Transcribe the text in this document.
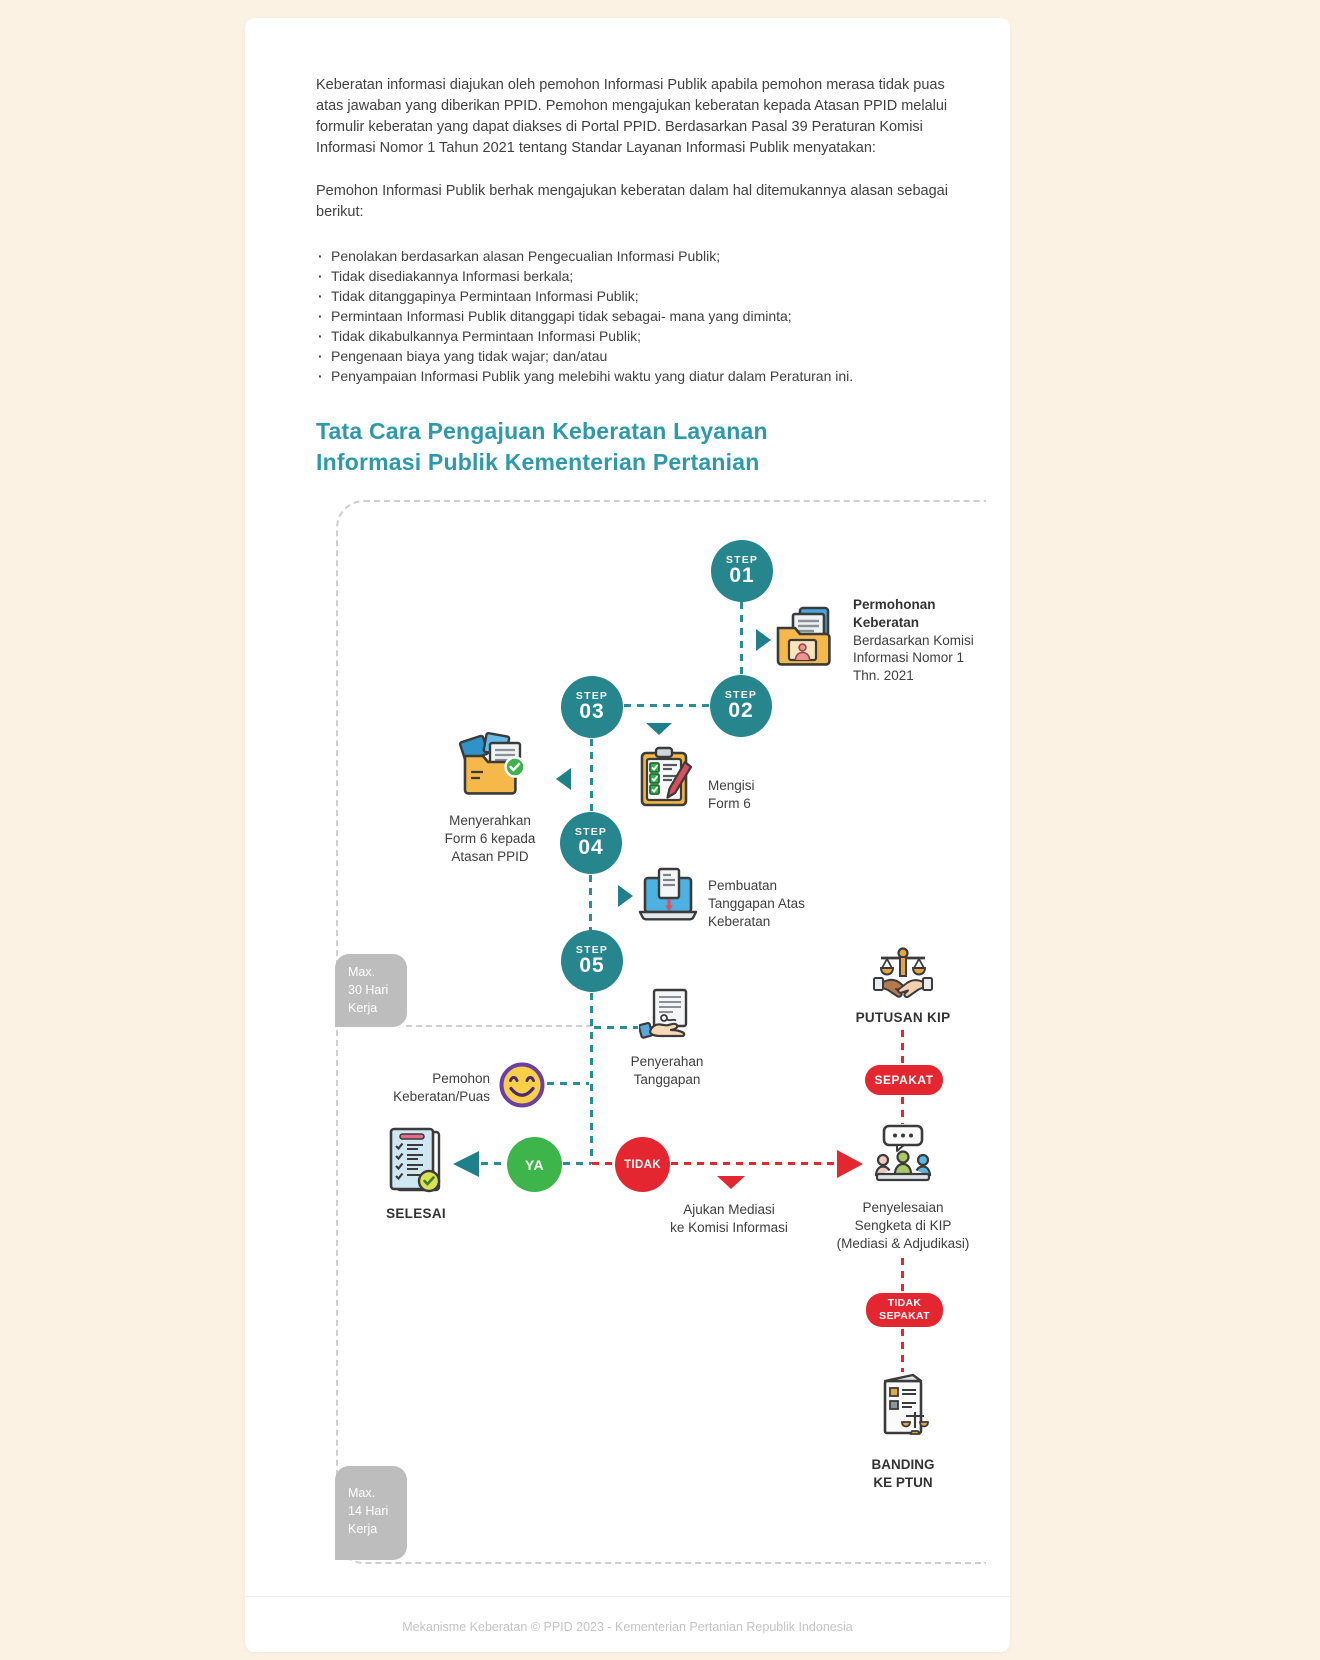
Keberatan informasi diajukan oleh pemohon Informasi Publik apabila pemohon merasa tidak puas atas jawaban yang diberikan PPID. Pemohon mengajukan keberatan kepada Atasan PPID melalui formulir keberatan yang dapat diakses di Portal PPID. Berdasarkan Pasal 39 Peraturan Komisi Informasi Nomor 1 Tahun 2021 tentang Standar Layanan Informasi Publik menyatakan:

Pemohon Informasi Publik berhak mengajukan keberatan dalam hal ditemukannya alasan sebagai berikut:

· Penolakan berdasarkan alasan Pengecualian Informasi Publik;
· Tidak disediakannya Informasi berkala;
· Tidak ditanggapinya Permintaan Informasi Publik;
· Permintaan Informasi Publik ditanggapi tidak sebagai- mana yang diminta;
· Tidak dikabulkannya Permintaan Informasi Publik;
· Pengenaan biaya yang tidak wajar; dan/atau
· Penyampaian Informasi Publik yang melebihi waktu yang diatur dalam Peraturan ini.
Tata Cara Pengajuan Keberatan Layanan
Informasi Publik Kementerian Pertanian
Max.
30 Hari
Kerja
Max.
14 Hari
Kerja
STEP
01
STEP
02
STEP
03
STEP
04
STEP
05
Permohonan
Keberatan
Berdasarkan Komisi
Informasi Nomor 1
Thn. 2021
Mengisi
Form 6
Menyerahkan
Form 6 kepada
Atasan PPID
Pembuatan
Tanggapan Atas
Keberatan
Penyerahan
Tanggapan
Pemohon
Keberatan/Puas
YA	TIDAK
SELESAI	Ajukan Mediasi
ke Komisi Informasi
PUTUSAN KIP
SEPAKAT
Penyelesaian
Sengketa di KIP
(Mediasi & Adjudikasi)
TIDAK
SEPAKAT
BANDING
KE PTUN
Mekanisme Keberatan © PPID 2023 - Kementerian Pertanian Republik Indonesia
